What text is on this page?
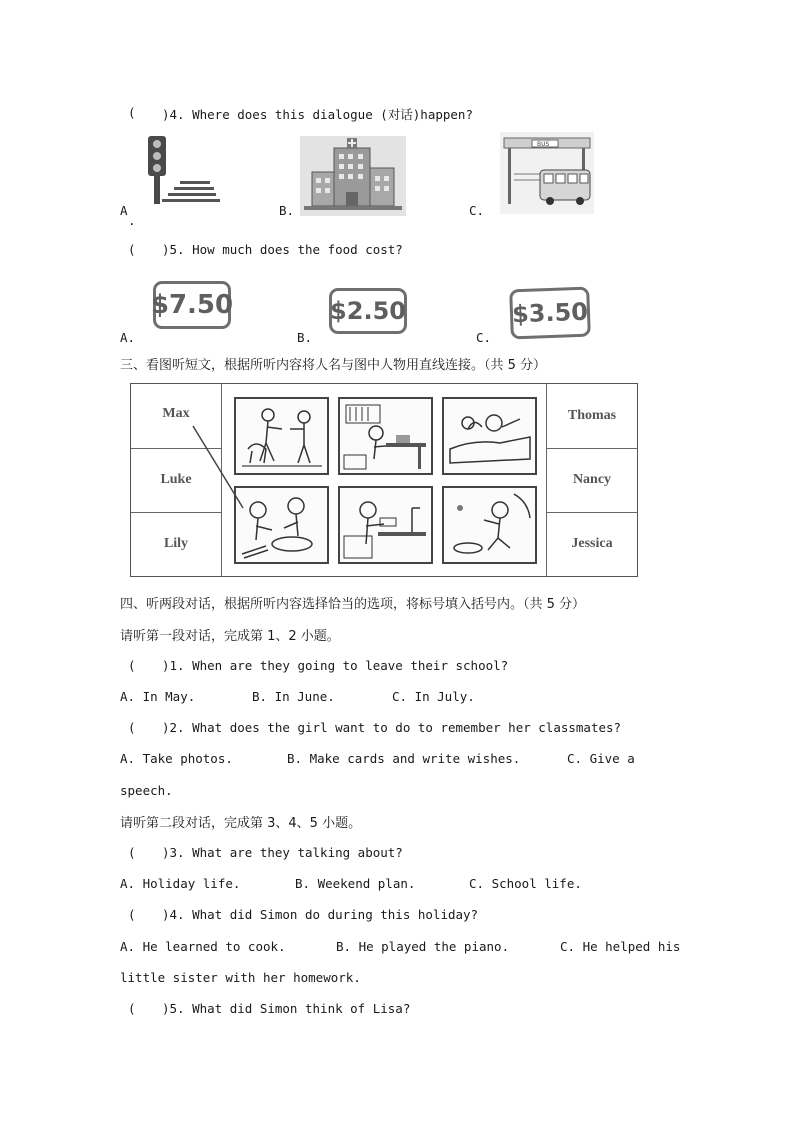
( )4. Where does this dialogue (对话)happen?
A
.
B.
BUS
C.
( )5. How much does the food cost?
$7.50
A.
$2.50
B.
$3.50
C.
三、看图听短文，根据所听内容将人名与图中人物用直线连接。（共 5 分）
Max
Luke
Lily
Thomas
Nancy
Jessica
四、听两段对话，根据所听内容选择恰当的选项，将标号填入括号内。（共 5 分）
请听第一段对话，完成第 1、2 小题。
( )1. When are they going to leave their school?
A. In May.	B. In June.	C. In July.
( )2. What does the girl want to do to remember her classmates?
A. Take photos.	B. Make cards and write wishes.	C. Give a
speech.
请听第二段对话，完成第 3、4、5 小题。
( )3. What are they talking about?
A. Holiday life.	B. Weekend plan.	C. School life.
( )4. What did Simon do during this holiday?
A. He learned to cook.	B. He played the piano.	C. He helped his
little sister with her homework.
( )5. What did Simon think of Lisa?
